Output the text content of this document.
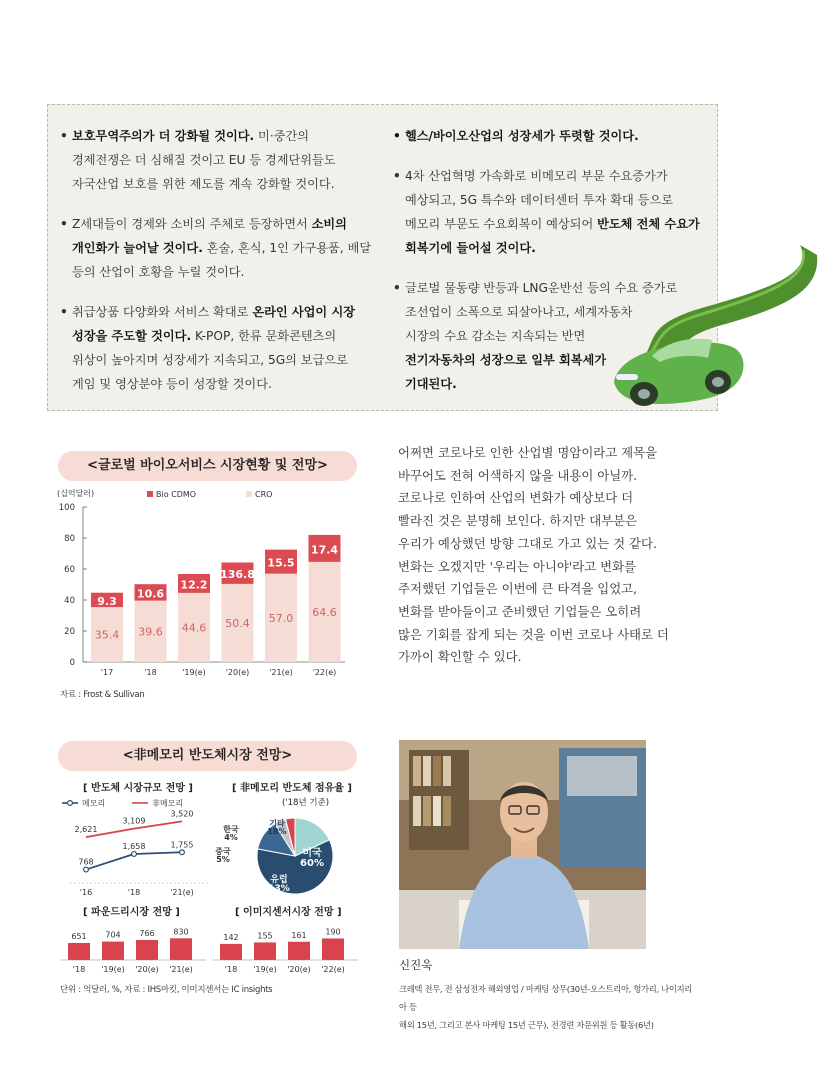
• 보호무역주의가 더 강화될 것이다. 미·중간의
경제전쟁은 더 심해질 것이고 EU 등 경제단위들도
자국산업 보호를 위한 제도를 계속 강화할 것이다.
• Z세대들이 경제와 소비의 주체로 등장하면서 소비의
개인화가 늘어날 것이다. 혼술, 혼식, 1인 가구용품, 배달
등의 산업이 호황을 누릴 것이다.
• 취급상품 다양화와 서비스 확대로 온라인 사업이 시장
성장을 주도할 것이다. K-POP, 한류 문화콘텐츠의
위상이 높아지며 성장세가 지속되고, 5G의 보급으로
게임 및 영상분야 등이 성장할 것이다.
• 헬스/바이오산업의 성장세가 뚜렷할 것이다.
• 4차 산업혁명 가속화로 비메모리 부문 수요증가가
예상되고, 5G 특수와 데이터센터 투자 확대 등으로
메모리 부문도 수요회복이 예상되어 반도체 전체 수요가
회복기에 들어설 것이다.
• 글로벌 물동량 반등과 LNG운반선 등의 수요 증가로
조선업이 소폭으로 되살아나고, 세계자동차
시장의 수요 감소는 지속되는 반면
전기자동차의 성장으로 일부 회복세가
기대된다.
<글로벌 바이오서비스 시장현황 및 전망>
(십억달러)
0
20
40
60
80
100
Bio CDMO	CRO
35.4
9.3
'17
39.6
10.6
'18
44.6
12.2
'19(e)
50.4
136.8
'20(e)
57.0
15.5
'21(e)
64.6
17.4
'22(e)
자료 : Frost & Sullivan

어쩌면 코로나로 인한 산업별 명암이라고 제목을

바꾸어도 전혀 어색하지 않을 내용이 아닐까.

코로나로 인하여 산업의 변화가 예상보다 더

빨라진 것은 분명해 보인다. 하지만 대부분은

우리가 예상했던 방향 그대로 가고 있는 것 같다.

변화는 오겠지만 '우리는 아니야'라고 변화를

주저했던 기업들은 이번에 큰 타격을 입었고,

변화를 받아들이고 준비했던 기업들은 오히려

많은 기회를 잡게 되는 것을 이번 코로나 사태로 더

가까이 확인할 수 있다.

<非메모리 반도체시장 전망>
[ 반도체 시장규모 전망 ]
메모리	非메모리
768
1,658	1,755
2,621
3,109
3,520
'16	'18	'21(e)
[ 非메모리 반도체 점유율 ]
('18년 기준)
미국
60%
유럽
13%
중국
5%
한국
4%
기타
18%
[ 파운드리시장 전망 ]
651
'18
704
'19(e)
766
'20(e)
830
'21(e)
[ 이미지센서시장 전망 ]
142
'18
155
'19(e)
161
'20(e)
190
'22(e)
단위 : 억달러, %, 자료 : IHS마킷, 이미지센서는 IC insights
신진욱
크레텍 전무, 전 삼성전자 해외영업 / 마케팅 상무(30년-오스트리아, 헝가리, 나이지리아 등
해외 15년, 그리고 본사 마케팅 15년 근무), 전경련 자문위원 등 활동(6년)
